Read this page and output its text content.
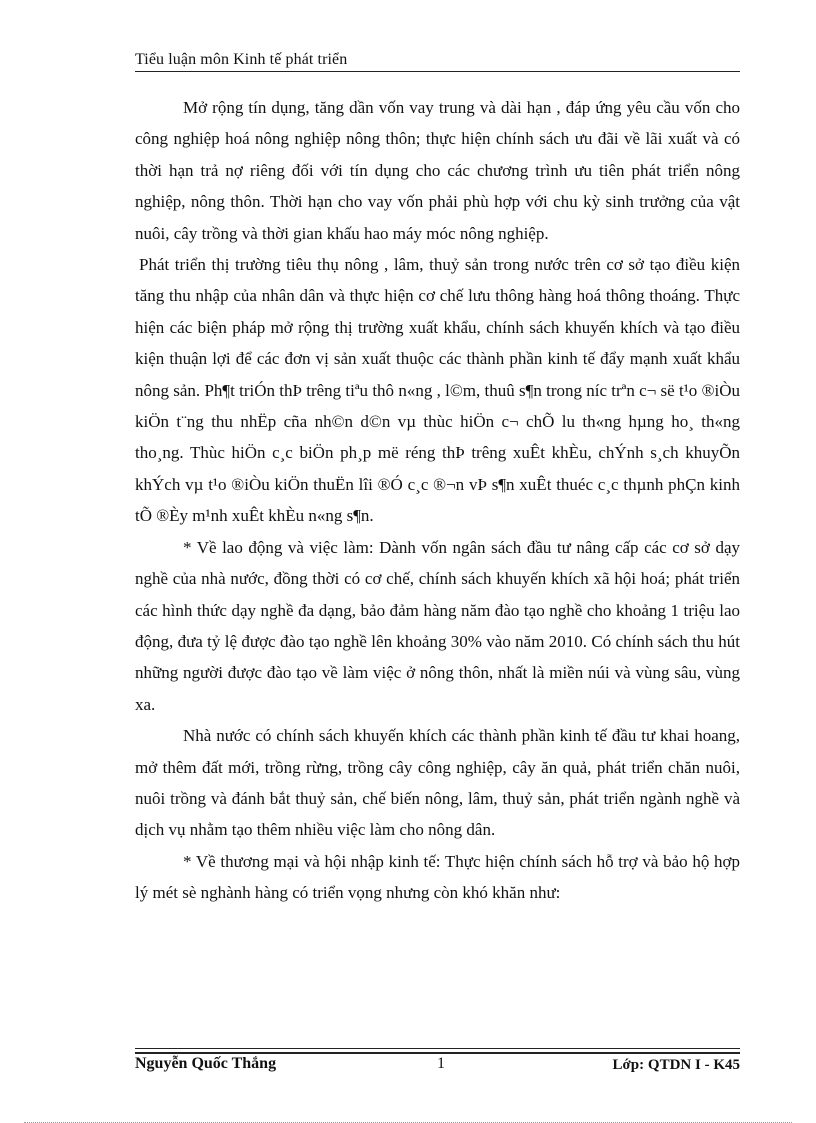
Tiểu luận môn Kinh tế phát triển

Mở rộng tín dụng, tăng dần vốn vay trung và dài hạn , đáp ứng yêu cầu vốn cho công nghiệp hoá nông nghiệp nông thôn; thực hiện chính sách ưu đãi về lãi xuất và có thời hạn trả nợ riêng đối với tín dụng cho các chương trình ưu tiên phát triển nông nghiệp, nông thôn. Thời hạn cho vay vốn phải phù hợp với chu kỳ sinh trưởng của vật nuôi, cây trồng và thời gian khấu hao máy móc nông nghiệp.

Phát triển thị trường tiêu thụ nông , lâm, thuỷ sản trong nước trên cơ sở tạo điều kiện tăng thu nhập của nhân dân và thực hiện cơ chế lưu thông hàng hoá thông thoáng. Thực hiện các biện pháp mở rộng thị trường xuất khẩu, chính sách khuyến khích và tạo điều kiện thuận lợi để các đơn vị sản xuất thuộc các thành phần kinh tế đẩy mạnh xuất khẩu nông sản. Ph¶t triÓn thÞ trêng tiªu thô n«ng , l©m, thuû s¶n trong níc trªn c¬ së t¹o ®iÒu kiÖn t¨ng thu nhËp cña nh©n d©n vµ thùc hiÖn c¬ chÕ lu th«ng hµng ho¸ th«ng tho¸ng. Thùc hiÖn c¸c biÖn ph¸p më réng thÞ trêng xuÊt khÈu, chÝnh s¸ch khuyÕn khÝch vµ t¹o ®iÒu kiÖn thuËn lîi ®Ó c¸c ®¬n vÞ s¶n xuÊt thuéc c¸c thµnh phÇn kinh tÕ ®Èy m¹nh xuÊt khÈu n«ng s¶n.

* Về lao động và việc làm: Dành vốn ngân sách đầu tư nâng cấp các cơ sở dạy nghề của nhà nước, đồng thời có cơ chế, chính sách khuyến khích xã hội hoá; phát triển các hình thức dạy nghề đa dạng, bảo đảm hàng năm đào tạo nghề cho khoảng 1 triệu lao động, đưa tỷ lệ được đào tạo nghề lên khoảng 30% vào năm 2010. Có chính sách thu hút những người được đào tạo về làm việc ở nông thôn, nhất là miền núi và vùng sâu, vùng xa.

Nhà nước có chính sách khuyến khích các thành phần kinh tế đầu tư khai hoang, mở thêm đất mới, trồng rừng, trồng cây công nghiệp, cây ăn quả, phát triển chăn nuôi, nuôi trồng và đánh bắt thuỷ sản, chế biến nông, lâm, thuỷ sản, phát triển ngành nghề và dịch vụ nhằm tạo thêm nhiều việc làm cho nông dân.

* Về thương mại và hội nhập kinh tế: Thực hiện chính sách hỗ trợ và bảo hộ hợp lý mét sè nghành hàng có triển vọng nhưng còn khó khăn như:

Nguyễn Quốc Thắng	1	Lớp: QTDN I - K45
